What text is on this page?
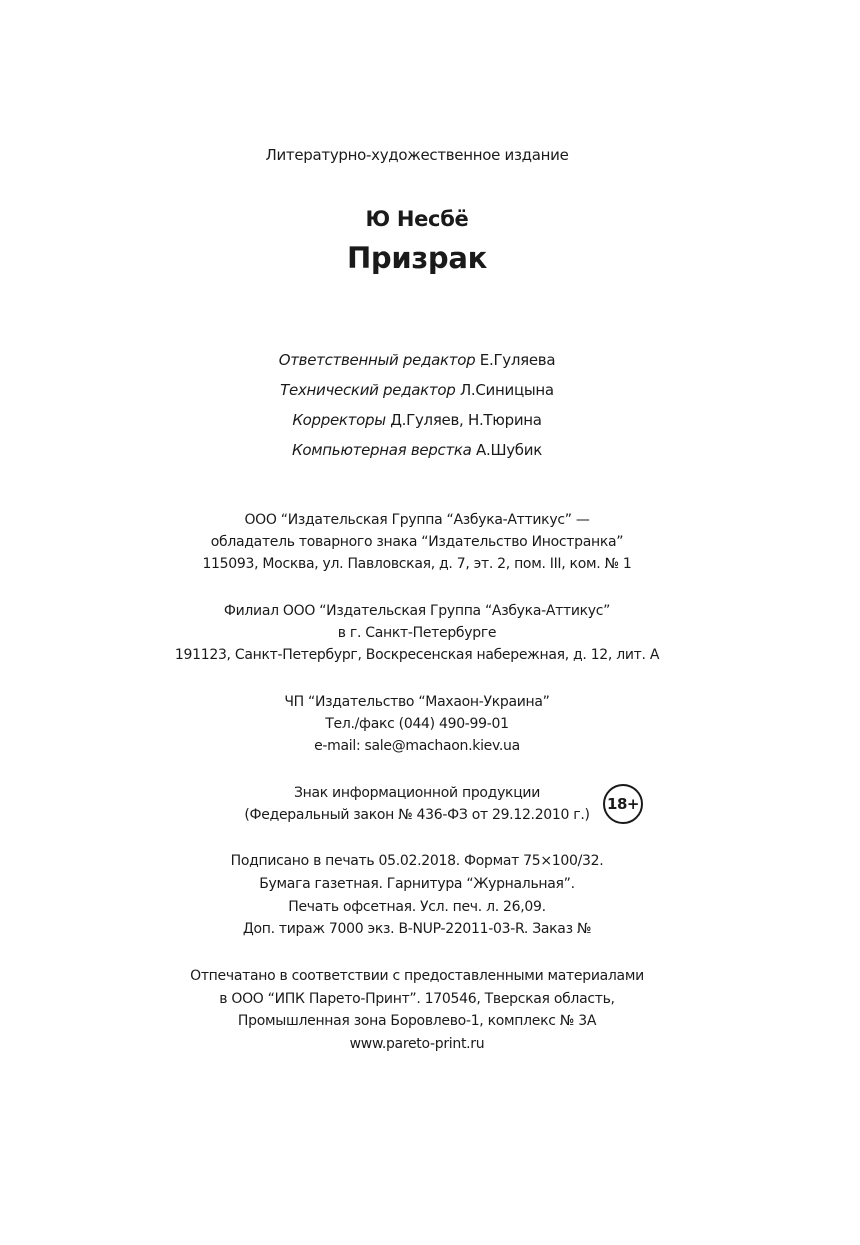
Литературно-художественное издание
Ю Несбё
Призрак
Ответственный редактор Е.Гуляева
Технический редактор Л.Синицына
Корректоры Д.Гуляев, Н.Тюрина
Компьютерная верстка А.Шубик
ООО “Издательская Группа “Азбука-Аттикус” —
обладатель товарного знака “Издательство Иностранка”
115093, Москва, ул. Павловская, д. 7, эт. 2, пом. III, ком. № 1
Филиал ООО “Издательская Группа “Азбука-Аттикус”
в г. Санкт-Петербурге
191123, Санкт-Петербург, Воскресенская набережная, д. 12, лит. А
ЧП “Издательство “Махаон-Украина”
Тел./факс (044) 490-99-01
e-mail: sale@machaon.kiev.ua
Знак информационной продукции
(Федеральный закон № 436-ФЗ от 29.12.2010 г.)
18+
Подписано в печать 05.02.2018. Формат 75×100/32.
Бумага газетная. Гарнитура “Журнальная”.
Печать офсетная. Усл. печ. л. 26,09.
Доп. тираж 7000 экз. B-NUP-22011-03-R. Заказ №
Отпечатано в соответствии с предоставленными материалами
в ООО “ИПК Парето-Принт”. 170546, Тверская область,
Промышленная зона Боровлево-1, комплекс № 3А
www.pareto-print.ru
